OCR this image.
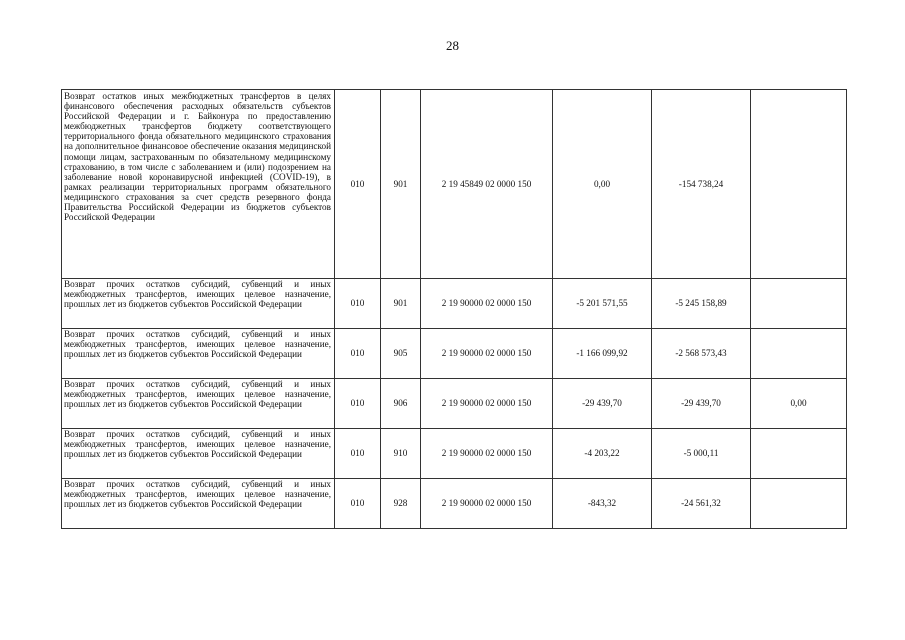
28
Возврат остатков иных межбюджетных трансфертов в целях финансового обеспечения расходных обязательств субъектов Российской Федерации и г. Байконура по предоставлению межбюджетных трансфертов бюджету соответствующего территориального фонда обязательного медицинского страхования на дополнительное финансовое обеспечение оказания медицинской помощи лицам, застрахованным по обязательному медицинскому страхованию, в том числе с заболеванием и (или) подозрением на заболевание новой коронавирусной инфекцией (COVID-19), в рамках реализации территориальных программ обязательного медицинского страхования за счет средств резервного фонда Правительства Российской Федерации из бюджетов субъектов Российской Федерации	010	901	2 19 45849 02 0000 150	0,00	-154 738,24	
Возврат прочих остатков субсидий, субвенций и иных межбюджетных трансфертов, имеющих целевое назначение, прошлых лет из бюджетов субъектов Российской Федерации	010	901	2 19 90000 02 0000 150	-5 201 571,55	-5 245 158,89	
Возврат прочих остатков субсидий, субвенций и иных межбюджетных трансфертов, имеющих целевое назначение, прошлых лет из бюджетов субъектов Российской Федерации	010	905	2 19 90000 02 0000 150	-1 166 099,92	-2 568 573,43	
Возврат прочих остатков субсидий, субвенций и иных межбюджетных трансфертов, имеющих целевое назначение, прошлых лет из бюджетов субъектов Российской Федерации	010	906	2 19 90000 02 0000 150	-29 439,70	-29 439,70	0,00
Возврат прочих остатков субсидий, субвенций и иных межбюджетных трансфертов, имеющих целевое назначение, прошлых лет из бюджетов субъектов Российской Федерации	010	910	2 19 90000 02 0000 150	-4 203,22	-5 000,11	
Возврат прочих остатков субсидий, субвенций и иных межбюджетных трансфертов, имеющих целевое назначение, прошлых лет из бюджетов субъектов Российской Федерации	010	928	2 19 90000 02 0000 150	-843,32	-24 561,32	
